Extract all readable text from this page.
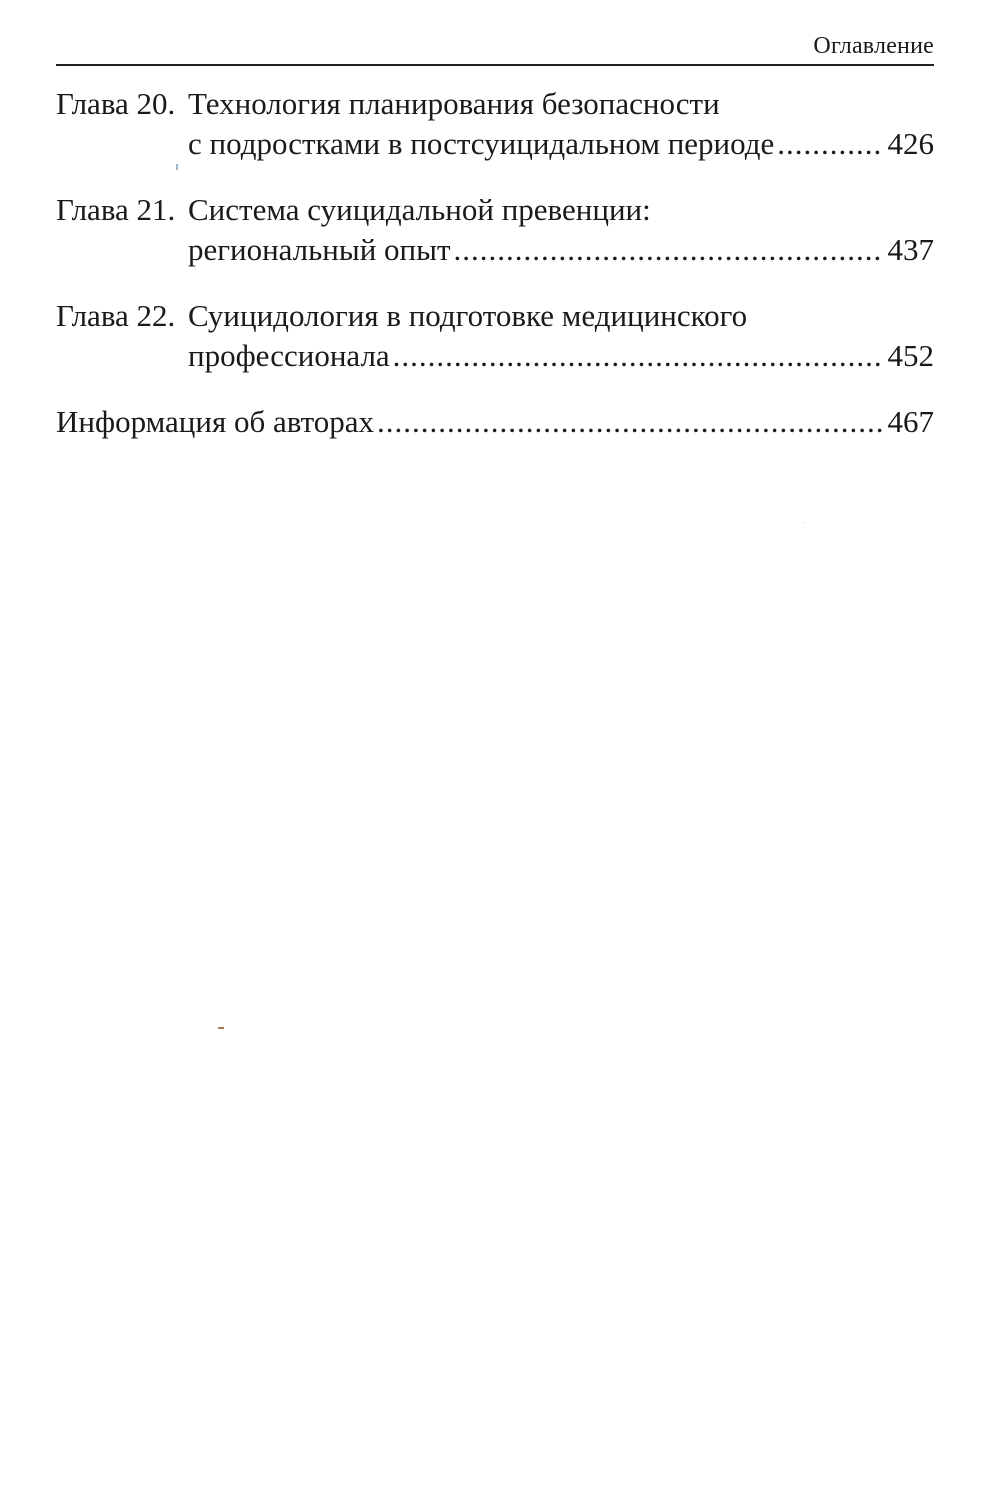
Оглавление
Глава 20. Технология планирования безопасности
с подростками в постсуицидальном периоде .....	426
Глава 21. Система суицидальной превенции:
региональный опыт .....	437
Глава 22. Суицидология в подготовке медицинского
профессионала .....	452
Информация об авторах .....	467
